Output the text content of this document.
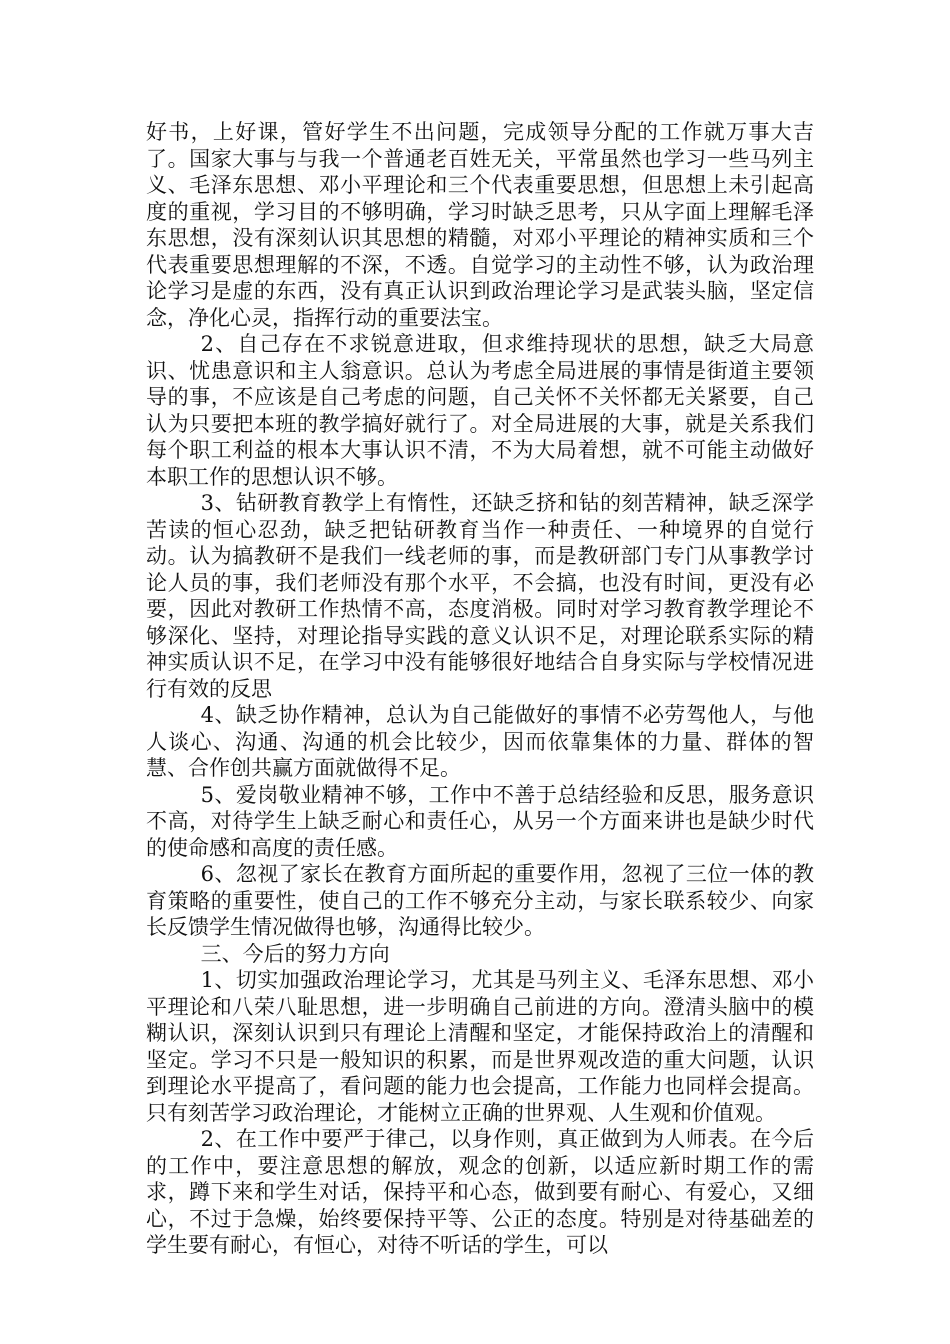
好书，上好课，管好学生不出问题，完成领导分配的工作就万事大吉了。国家大事与与我一个普通老百姓无关，平常虽然也学习一些马列主义、毛泽东思想、邓小平理论和三个代表重要思想，但思想上未引起高度的重视，学习目的不够明确，学习时缺乏思考，只从字面上理解毛泽东思想，没有深刻认识其思想的精髓，对邓小平理论的精神实质和三个代表重要思想理解的不深，不透。自觉学习的主动性不够，认为政治理论学习是虚的东西，没有真正认识到政治理论学习是武装头脑，坚定信念，净化心灵，指挥行动的重要法宝。

2、自己存在不求锐意进取，但求维持现状的思想，缺乏大局意识、忧患意识和主人翁意识。总认为考虑全局进展的事情是街道主要领导的事，不应该是自己考虑的问题，自己关怀不关怀都无关紧要，自己认为只要把本班的教学搞好就行了。对全局进展的大事，就是关系我们每个职工利益的根本大事认识不清，不为大局着想，就不可能主动做好本职工作的思想认识不够。

3、钻研教育教学上有惰性，还缺乏挤和钻的刻苦精神，缺乏深学苦读的恒心忍劲，缺乏把钻研教育当作一种责任、一种境界的自觉行动。认为搞教研不是我们一线老师的事，而是教研部门专门从事教学讨论人员的事，我们老师没有那个水平，不会搞，也没有时间，更没有必要，因此对教研工作热情不高，态度消极。同时对学习教育教学理论不够深化、坚持，对理论指导实践的意义认识不足，对理论联系实际的精神实质认识不足，在学习中没有能够很好地结合自身实际与学校情况进行有效的反思

4、缺乏协作精神，总认为自己能做好的事情不必劳驾他人，与他人谈心、沟通、沟通的机会比较少，因而依靠集体的力量、群体的智慧、合作创共赢方面就做得不足。

5、爱岗敬业精神不够，工作中不善于总结经验和反思，服务意识不高，对待学生上缺乏耐心和责任心，从另一个方面来讲也是缺少时代的使命感和高度的责任感。

6、忽视了家长在教育方面所起的重要作用，忽视了三位一体的教育策略的重要性，使自己的工作不够充分主动，与家长联系较少、向家长反馈学生情况做得也够，沟通得比较少。

三、今后的努力方向

1、切实加强政治理论学习，尤其是马列主义、毛泽东思想、邓小平理论和八荣八耻思想，进一步明确自己前进的方向。澄清头脑中的模糊认识，深刻认识到只有理论上清醒和坚定，才能保持政治上的清醒和坚定。学习不只是一般知识的积累，而是世界观改造的重大问题，认识到理论水平提高了，看问题的能力也会提高，工作能力也同样会提高。只有刻苦学习政治理论，才能树立正确的世界观、人生观和价值观。

2、在工作中要严于律己，以身作则，真正做到为人师表。在今后的工作中，要注意思想的解放，观念的创新，以适应新时期工作的需求，蹲下来和学生对话，保持平和心态，做到要有耐心、有爱心，又细心，不过于急燥，始终要保持平等、公正的态度。特别是对待基础差的学生要有耐心，有恒心，对待不听话的学生，可以
